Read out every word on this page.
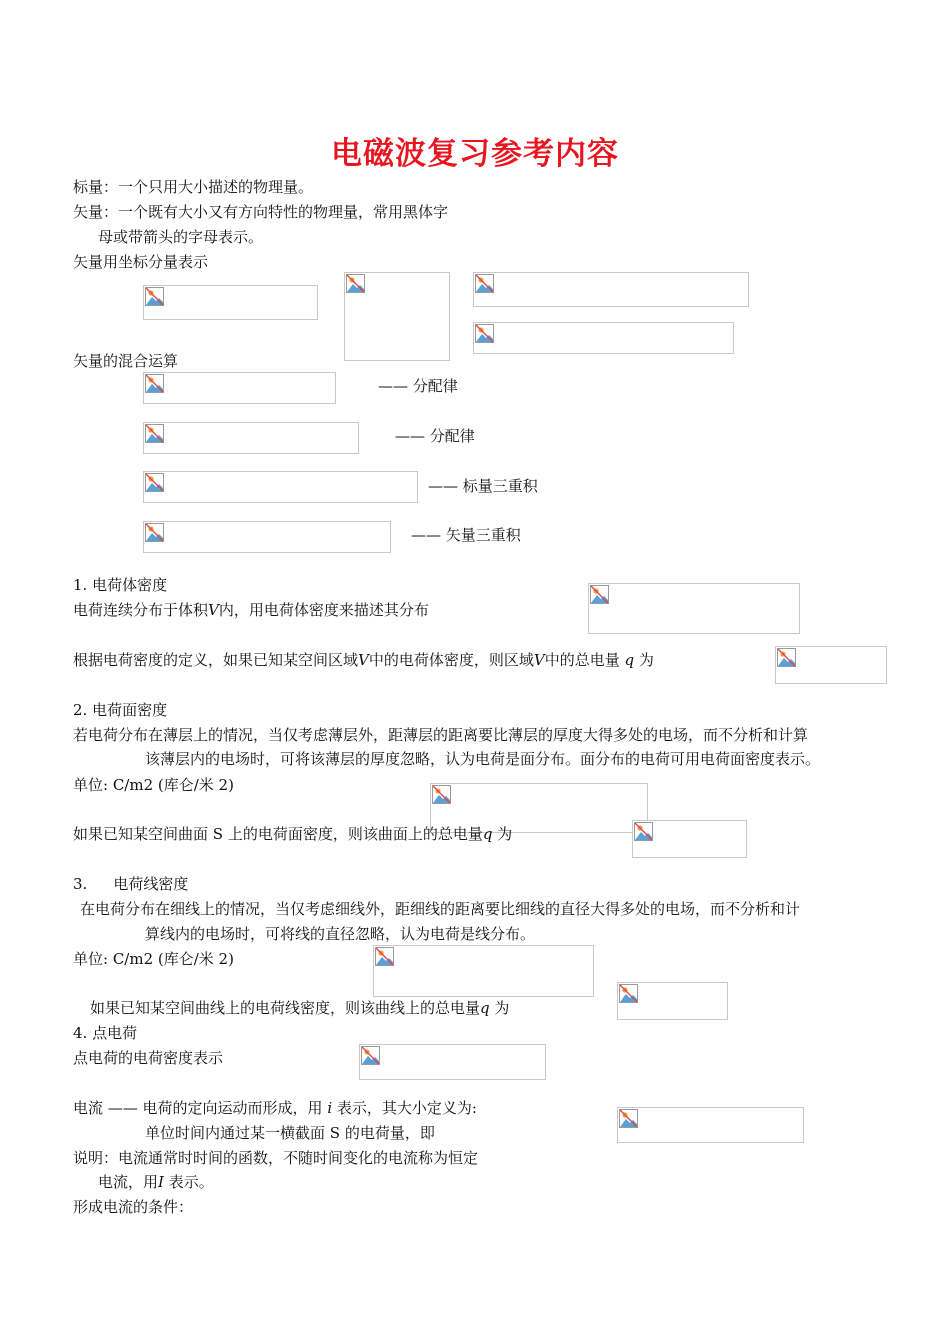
电磁波复习参考内容
标量：一个只用大小描述的物理量。
矢量：一个既有大小又有方向特性的物理量，常用黑体字
母或带箭头的字母表示。
矢量用坐标分量表示
矢量的混合运算
—— 分配律
—— 分配律
—— 标量三重积
—— 矢量三重积
1. 电荷体密度
电荷连续分布于体积V内，用电荷体密度来描述其分布
根据电荷密度的定义，如果已知某空间区域V中的电荷体密度，则区域V中的总电量 q 为
2. 电荷面密度
若电荷分布在薄层上的情况，当仅考虑薄层外，距薄层的距离要比薄层的厚度大得多处的电场，而不分析和计算
该薄层内的电场时，可将该薄层的厚度忽略，认为电荷是面分布。面分布的电荷可用电荷面密度表示。
单位: C/m2 (库仑/米 2)
如果已知某空间曲面 S 上的电荷面密度，则该曲面上的总电量q 为
3. 电荷线密度
在电荷分布在细线上的情况，当仅考虑细线外，距细线的距离要比细线的直径大得多处的电场，而不分析和计
算线内的电场时，可将线的直径忽略，认为电荷是线分布。
单位: C/m2 (库仑/米 2)
如果已知某空间曲线上的电荷线密度，则该曲线上的总电量q 为
4. 点电荷
点电荷的电荷密度表示
电流 —— 电荷的定向运动而形成，用 i 表示，其大小定义为:
单位时间内通过某一横截面 S 的电荷量，即
说明：电流通常时时间的函数，不随时间变化的电流称为恒定
电流，用I 表示。
形成电流的条件：
